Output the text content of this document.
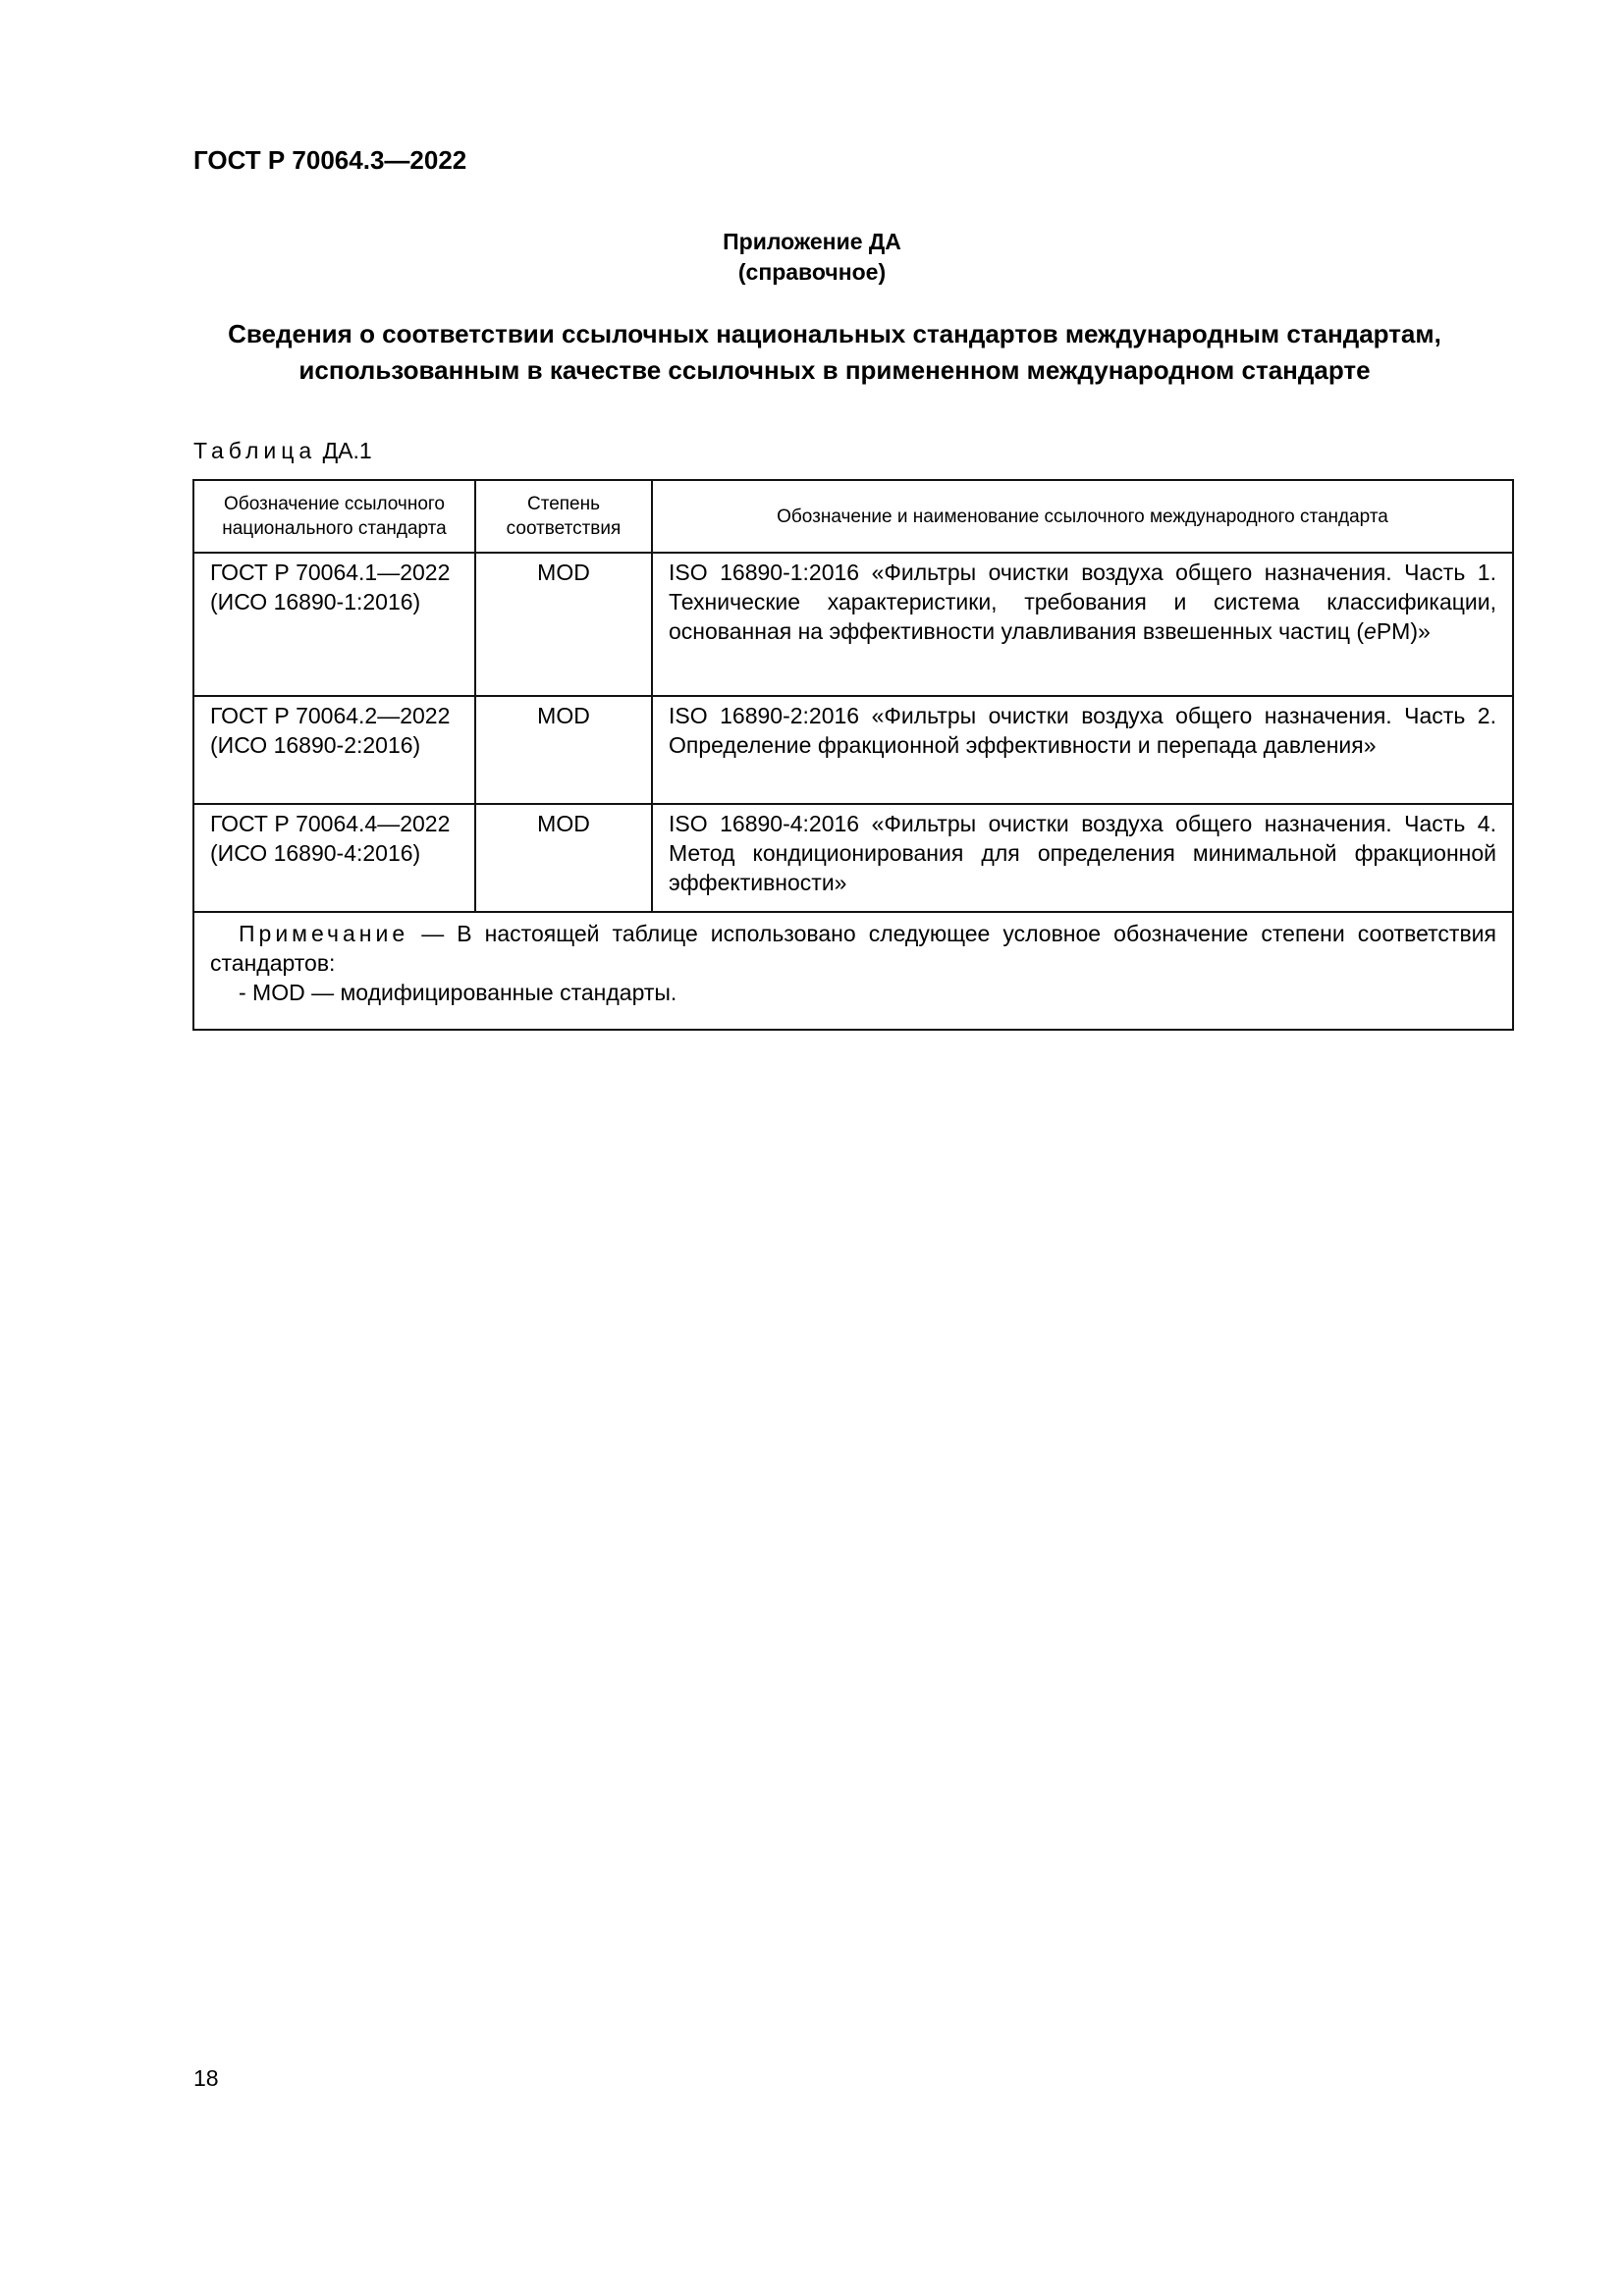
ГОСТ Р 70064.3—2022
Приложение ДА
(справочное)
Сведения о соответствии ссылочных национальных стандартов международным стандартам,
использованным в качестве ссылочных в примененном международном стандарте
Таблица ДА.1
Обозначение ссылочного национального стандарта	Степень соответствия	Обозначение и наименование ссылочного международного стандарта
ГОСТ Р 70064.1—2022 (ИСО 16890-1:2016)	MOD	ISO 16890-1:2016 «Фильтры очистки воздуха общего назначения. Часть 1. Технические характеристики, требования и система классификации, основанная на эффективности улавливания взвешенных частиц (ePM)»
ГОСТ Р 70064.2—2022 (ИСО 16890-2:2016)	MOD	ISO 16890-2:2016 «Фильтры очистки воздуха общего назначения. Часть 2. Определение фракционной эффективности и перепада давления»
ГОСТ Р 70064.4—2022 (ИСО 16890-4:2016)	MOD	ISO 16890-4:2016 «Фильтры очистки воздуха общего назначения. Часть 4. Метод кондиционирования для определения минимальной фракционной эффективности»
Примечание — В настоящей таблице использовано следующее условное обозначение степени соответствия стандартов:
- MOD — модифицированные стандарты.		
18
